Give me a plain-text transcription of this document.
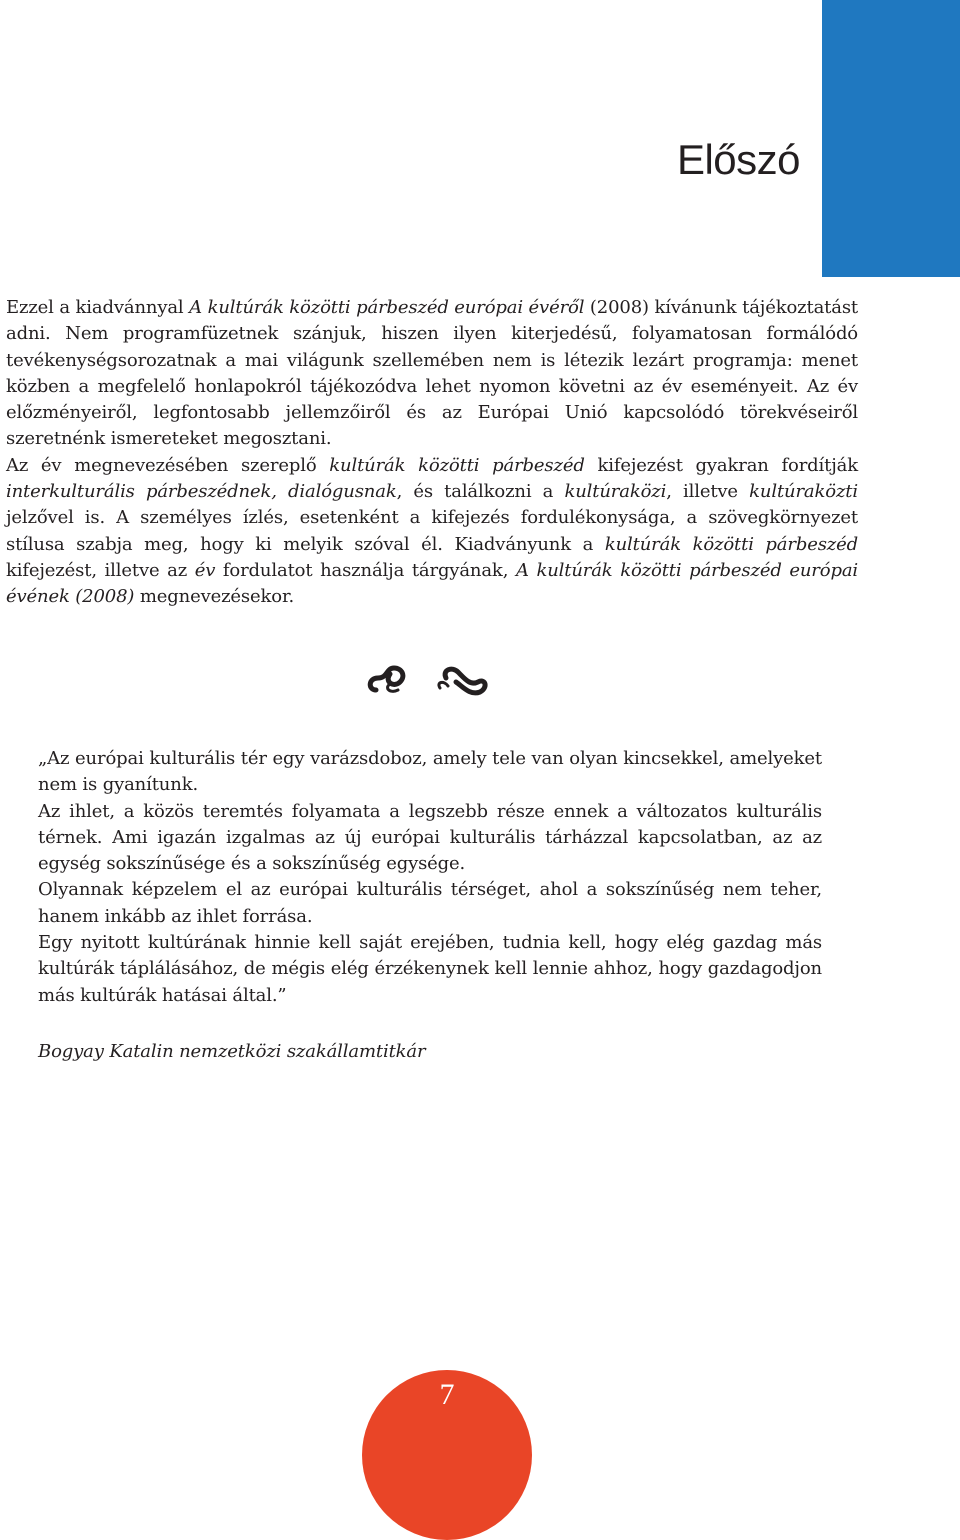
Előszó

Ezzel a kiadvánnyal A kultúrák közötti párbeszéd európai évéről (2008) kívánunk tájékoztatást adni. Nem programfüzetnek szánjuk, hiszen ilyen kiterjedésű, folyamatosan formálódó tevékenységsorozatnak a mai világunk szellemében nem is létezik lezárt programja: menet közben a megfelelő honlapokról tájékozódva lehet nyomon követni az év eseményeit. Az év előzményeiről, legfontosabb jellemzőiről és az Európai Unió kapcsolódó törekvéseiről szeretnénk ismereteket megosztani.

Az év megnevezésében szereplő kultúrák közötti párbeszéd kifejezést gyakran fordítják interkulturális párbeszédnek, dialógusnak, és találkozni a kultúraközi, illetve kultúraközti jelzővel is. A személyes ízlés, esetenként a kifejezés fordulékonysága, a szövegkörnyezet stílusa szabja meg, hogy ki melyik szóval él. Kiadványunk a kultúrák közötti párbeszéd kifejezést, illetve az év fordulatot használja tárgyának, A kultúrák közötti párbeszéd európai évének (2008) megnevezésekor.

„Az európai kulturális tér egy varázsdoboz, amely tele van olyan kincsekkel, amelyeket nem is gyanítunk.

Az ihlet, a közös teremtés folyamata a legszebb része ennek a változatos kulturális térnek. Ami igazán izgalmas az új európai kulturális tárházzal kapcsolatban, az az egység sokszínűsége és a sokszínűség egysége.

Olyannak képzelem el az európai kulturális térséget, ahol a sokszínűség nem teher, hanem inkább az ihlet forrása.

Egy nyitott kultúrának hinnie kell saját erejében, tudnia kell, hogy elég gazdag más kultúrák táplálásához, de mégis elég érzékenynek kell lennie ahhoz, hogy gazdagodjon más kultúrák hatásai által.”

Bogyay Katalin nemzetközi szakállamtitkár

7
